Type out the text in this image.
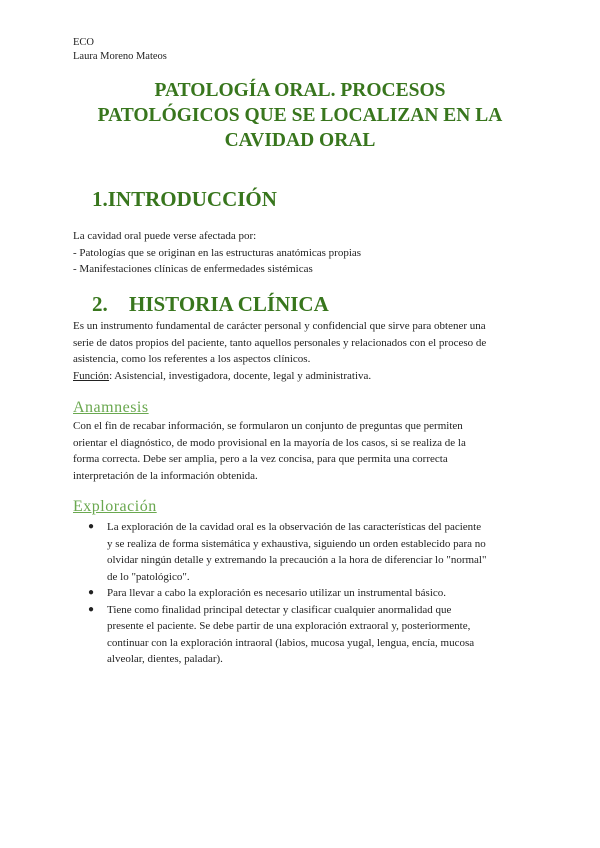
ECO
Laura Moreno Mateos
PATOLOGÍA ORAL. PROCESOS
PATOLÓGICOS QUE SE LOCALIZAN EN LA
CAVIDAD ORAL
1.INTRODUCCIÓN
La cavidad oral puede verse afectada por:
- Patologías que se originan en las estructuras anatómicas propias
- Manifestaciones clínicas de enfermedades sistémicas
2. HISTORIA CLÍNICA
Es un instrumento fundamental de carácter personal y confidencial que sirve para obtener una
serie de datos propios del paciente, tanto aquellos personales y relacionados con el proceso de
asistencia, como los referentes a los aspectos clínicos.
Función: Asistencial, investigadora, docente, legal y administrativa.
Anamnesis
Con el fin de recabar información, se formularon un conjunto de preguntas que permiten
orientar el diagnóstico, de modo provisional en la mayoría de los casos, si se realiza de la
forma correcta. Debe ser amplia, pero a la vez concisa, para que permita una correcta
interpretación de la información obtenida.
Exploración
● La exploración de la cavidad oral es la observación de las características del paciente
y se realiza de forma sistemática y exhaustiva, siguiendo un orden establecido para no
olvidar ningún detalle y extremando la precaución a la hora de diferenciar lo "normal"
de lo "patológico".
● Para llevar a cabo la exploración es necesario utilizar un instrumental básico.
● Tiene como finalidad principal detectar y clasificar cualquier anormalidad que
presente el paciente. Se debe partir de una exploración extraoral y, posteriormente,
continuar con la exploración intraoral (labios, mucosa yugal, lengua, encía, mucosa
alveolar, dientes, paladar).
